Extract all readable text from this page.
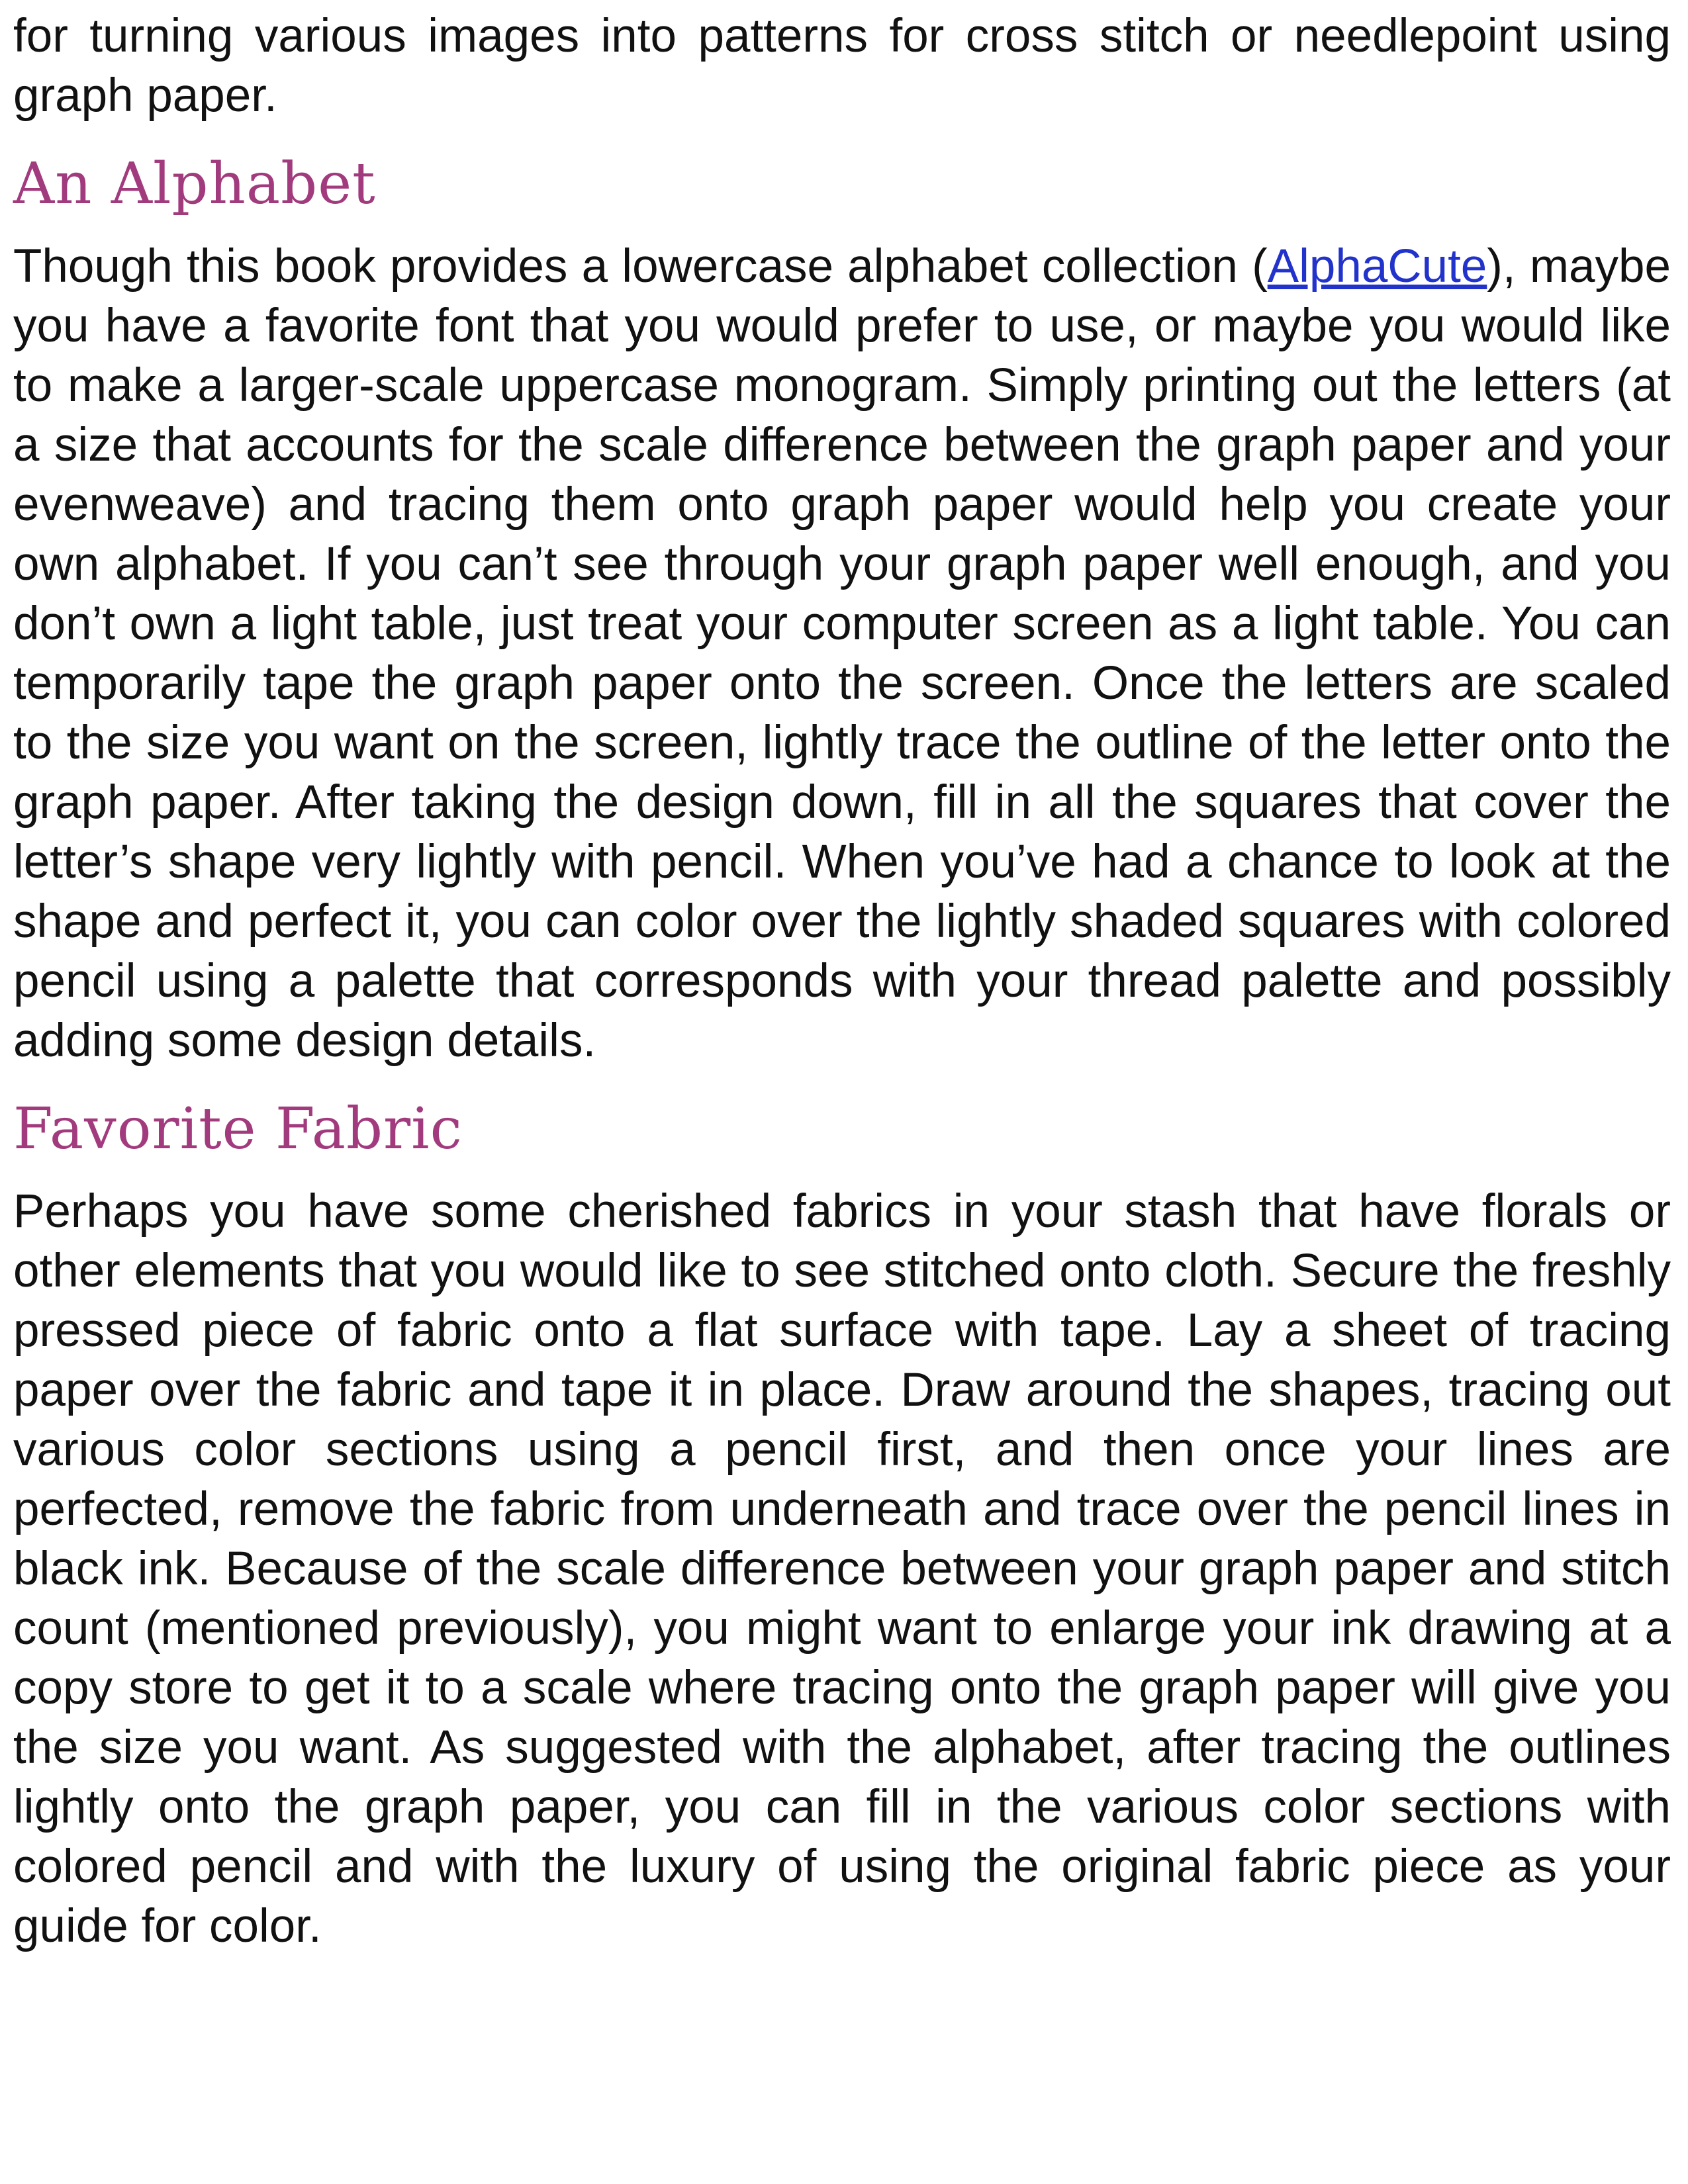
for turning various images into patterns for cross stitch or needlepoint using graph paper.

An Alphabet

Though this book provides a lowercase alphabet collection (AlphaCute), maybe you have a favorite font that you would prefer to use, or maybe you would like to make a larger-scale uppercase monogram. Simply printing out the letters (at a size that accounts for the scale difference between the graph paper and your evenweave) and tracing them onto graph paper would help you create your own alphabet. If you can’t see through your graph paper well enough, and you don’t own a light table, just treat your computer screen as a light table. You can temporarily tape the graph paper onto the screen. Once the letters are scaled to the size you want on the screen, lightly trace the outline of the letter onto the graph paper. After taking the design down, fill in all the squares that cover the letter’s shape very lightly with pencil. When you’ve had a chance to look at the shape and perfect it, you can color over the lightly shaded squares with colored pencil using a palette that corresponds with your thread palette and possibly adding some design details.

Favorite Fabric

Perhaps you have some cherished fabrics in your stash that have florals or other elements that you would like to see stitched onto cloth. Secure the freshly pressed piece of fabric onto a flat surface with tape. Lay a sheet of tracing paper over the fabric and tape it in place. Draw around the shapes, tracing out various color sections using a pencil first, and then once your lines are perfected, remove the fabric from underneath and trace over the pencil lines in black ink. Because of the scale difference between your graph paper and stitch count (mentioned previously), you might want to enlarge your ink drawing at a copy store to get it to a scale where tracing onto the graph paper will give you the size you want. As suggested with the alphabet, after tracing the outlines lightly onto the graph paper, you can fill in the various color sections with colored pencil and with the luxury of using the original fabric piece as your guide for color.
